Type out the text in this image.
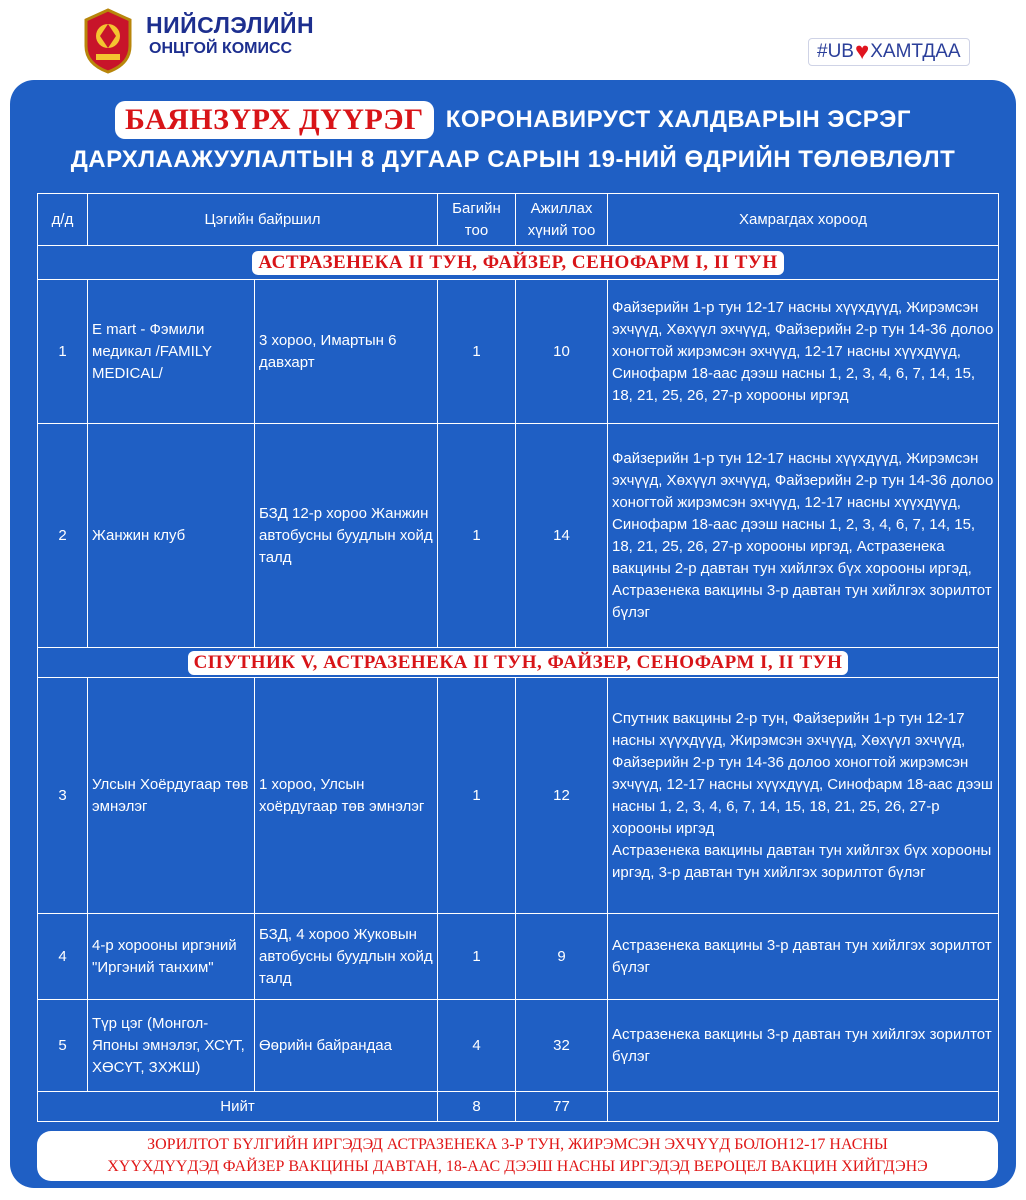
НИЙСЛЭЛИЙН
ОНЦГОЙ КОМИСС	#UB ♥ ХАМТДАА
БАЯНЗҮРХ ДҮҮРЭГ КОРОНАВИРУСТ ХАЛДВАРЫН ЭСРЭГ
ДАРХЛААЖУУЛАЛТЫН 8 ДУГААР САРЫН 19-НИЙ ӨДРИЙН ТӨЛӨВЛӨЛТ
д/д	Цэгийн байршил		Багийн тоо	Ажиллах хүний тоо	Хамрагдах хороод
АСТРАЗЕНЕКА II ТУН, ФАЙЗЕР, СЕНОФАРМ I, II ТУН					
1	E mart - Фэмили медикал /FAMILY MEDICAL/	3 хороо, Имартын 6 давхарт	1	10	Файзерийн 1-р тун 12-17 насны хүүхдүүд, Жирэмсэн эхчүүд, Хөхүүл эхчүүд, Файзерийн 2-р тун 14-36 долоо хоногтой жирэмсэн эхчүүд, 12-17 насны хүүхдүүд, Синофарм 18-аас дээш насны 1, 2, 3, 4, 6, 7, 14, 15, 18, 21, 25, 26, 27-р хорооны иргэд
2	Жанжин клуб	БЗД 12-р хороо Жанжин автобусны буудлын хойд талд	1	14	Файзерийн 1-р тун 12-17 насны хүүхдүүд, Жирэмсэн эхчүүд, Хөхүүл эхчүүд, Файзерийн 2-р тун 14-36 долоо хоногтой жирэмсэн эхчүүд, 12-17 насны хүүхдүүд, Синофарм 18-аас дээш насны 1, 2, 3, 4, 6, 7, 14, 15, 18, 21, 25, 26, 27-р хорооны иргэд, Астразенека вакцины 2-р давтан тун хийлгэх бүх хорооны иргэд, Астразенека вакцины 3-р давтан тун хийлгэх зорилтот бүлэг
СПУТНИК V, АСТРАЗЕНЕКА II ТУН, ФАЙЗЕР, СЕНОФАРМ I, II ТУН					
3	Улсын Хоёрдугаар төв эмнэлэг	1 хороо, Улсын хоёрдугаар төв эмнэлэг	1	12	Спутник вакцины 2-р тун, Файзерийн 1-р тун 12-17 насны хүүхдүүд, Жирэмсэн эхчүүд, Хөхүүл эхчүүд, Файзерийн 2-р тун 14-36 долоо хоногтой жирэмсэн эхчүүд, 12-17 насны хүүхдүүд, Синофарм 18-аас дээш насны 1, 2, 3, 4, 6, 7, 14, 15, 18, 21, 25, 26, 27-р хорооны иргэд
Астразенека вакцины давтан тун хийлгэх бүх хорооны иргэд, 3-р давтан тун хийлгэх зорилтот бүлэг

4	4-р хорооны иргэний "Иргэний танхим"	БЗД, 4 хороо Жуковын автобусны буудлын хойд талд	1	9	Астразенека вакцины 3-р давтан тун хийлгэх зорилтот бүлэг
5	Түр цэг (Монгол-Японы эмнэлэг, ХСҮТ, ХӨСҮТ, ЗХЖШ)	Өөрийн байрандаа	4	32	Астразенека вакцины 3-р давтан тун хийлгэх зорилтот бүлэг
Нийт			8	77	
ЗОРИЛТОТ БҮЛГИЙН ИРГЭДЭД АСТРАЗЕНЕКА 3-Р ТУН, ЖИРЭМСЭН ЭХЧҮҮД БОЛОН12-17 НАСНЫ
ХҮҮХДҮҮДЭД ФАЙЗЕР ВАКЦИНЫ ДАВТАН, 18-ААС ДЭЭШ НАСНЫ ИРГЭДЭД ВЕРОЦЕЛ ВАКЦИН ХИЙГДЭНЭ
